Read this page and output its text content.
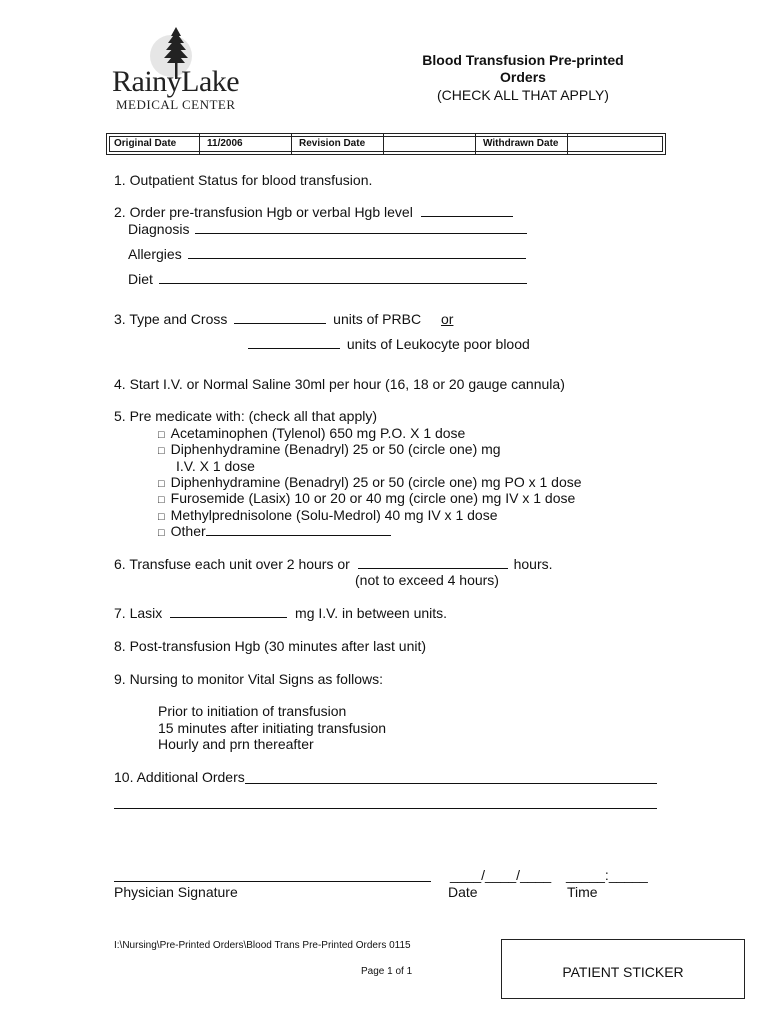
RainyLake
MEDICAL CENTER
Blood Transfusion Pre-printed
Orders
(CHECK ALL THAT APPLY)
Original Date	11/2006	Revision Date	Withdrawn Date
1. Outpatient Status for blood transfusion.
2. Order pre-transfusion Hgb or verbal Hgb level
Diagnosis
Allergies
Diet
3. Type and Cross	units of PRBC or
units of Leukocyte poor blood
4. Start I.V. or Normal Saline 30ml per hour (16, 18 or 20 gauge cannula)
5. Pre medicate with: (check all that apply)
□ Acetaminophen (Tylenol) 650 mg P.O. X 1 dose
□ Diphenhydramine (Benadryl) 25 or 50 (circle one) mg
I.V. X 1 dose
□ Diphenhydramine (Benadryl) 25 or 50 (circle one) mg PO x 1 dose
□ Furosemide (Lasix) 10 or 20 or 40 mg (circle one) mg IV x 1 dose
□ Methylprednisolone (Solu-Medrol) 40 mg IV x 1 dose
□ Other
6. Transfuse each unit over 2 hours or	hours.
(not to exceed 4 hours)
7. Lasix	mg I.V. in between units.
8. Post-transfusion Hgb (30 minutes after last unit)
9. Nursing to monitor Vital Signs as follows:
Prior to initiation of transfusion
15 minutes after initiating transfusion
Hourly and prn thereafter
10. Additional Orders
____/____/____ _____:_____
Physician Signature	Date	Time
I:\Nursing\Pre-Printed Orders\Blood Trans Pre-Printed Orders 0115
Page 1 of 1	PATIENT STICKER
